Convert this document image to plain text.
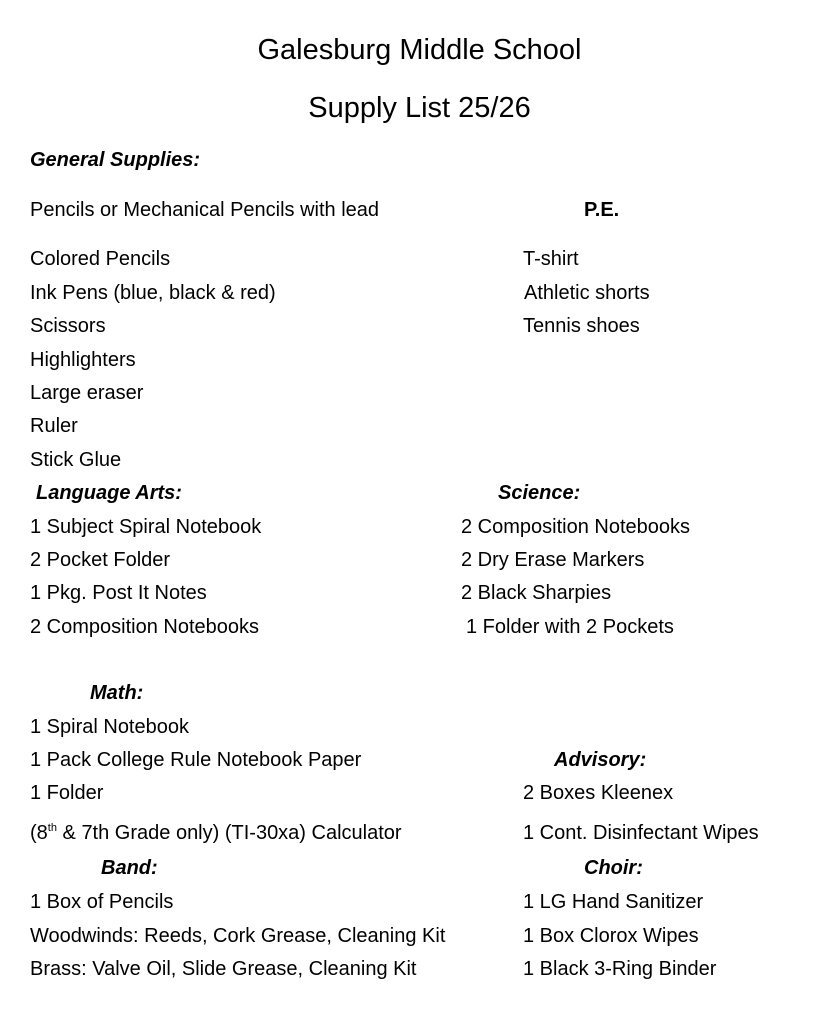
Galesburg Middle School
Supply List 25/26
General Supplies:
Pencils or Mechanical Pencils with lead
Colored Pencils
Ink Pens (blue, black & red)
Scissors
Highlighters
Large eraser
Ruler
Stick Glue
P.E.
T-shirt
Athletic shorts
Tennis shoes
Language Arts:
1 Subject Spiral Notebook
2 Pocket Folder
1 Pkg. Post It Notes
2 Composition Notebooks
Science:
2 Composition Notebooks
2 Dry Erase Markers
2 Black Sharpies
1 Folder with 2 Pockets
Math:
1 Spiral Notebook
1 Pack College Rule Notebook Paper
1 Folder
(8th & 7th Grade only) (TI-30xa) Calculator
Advisory:
2 Boxes Kleenex
1 Cont. Disinfectant Wipes
Band:
1 Box of Pencils
Woodwinds: Reeds, Cork Grease, Cleaning Kit
Brass: Valve Oil, Slide Grease, Cleaning Kit
Choir:
1 LG Hand Sanitizer
1 Box Clorox Wipes
1 Black 3-Ring Binder
